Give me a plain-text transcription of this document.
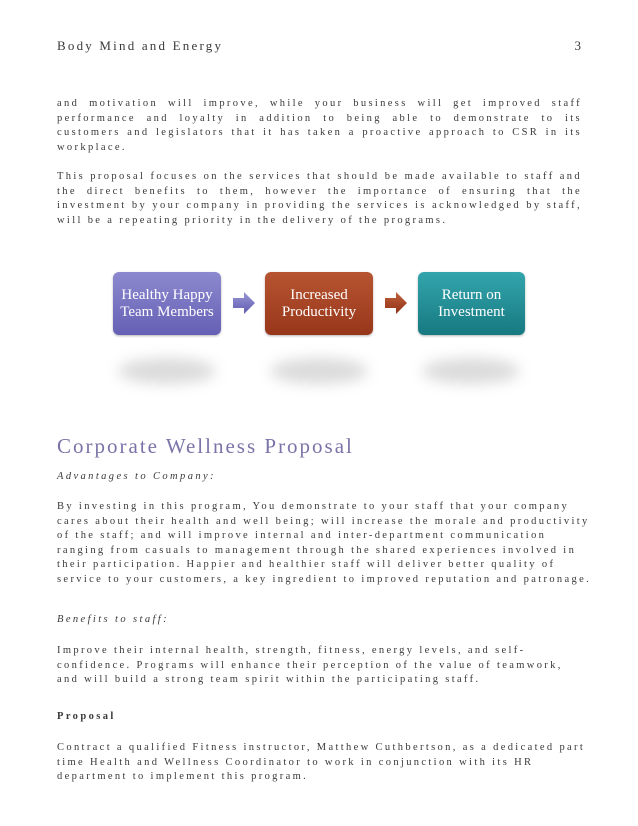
Body Mind and Energy	3

and motivation will improve, while your business will get improved staff performance and loyalty in addition to being able to demonstrate to its customers and legislators that it has taken a proactive approach to CSR in its workplace.

This proposal focuses on the services that should be made available to staff and the direct benefits to them, however the importance of ensuring that the investment by your company in providing the services is acknowledged by staff, will be a repeating priority in the delivery of the programs.

Healthy Happy Team Members
Increased Productivity
Return on Investment
Corporate Wellness Proposal

Advantages to Company:

By investing in this program, You demonstrate to your staff that your company cares about their health and well being; will increase the morale and productivity of the staff; and will improve internal and inter-department communication ranging from casuals to management through the shared experiences involved in their participation. Happier and healthier staff will deliver better quality of service to your customers, a key ingredient to improved reputation and patronage.

Benefits to staff:

Improve their internal health, strength, fitness, energy levels, and self-confidence. Programs will enhance their perception of the value of teamwork, and will build a strong team spirit within the participating staff.

Proposal

Contract a qualified Fitness instructor, Matthew Cuthbertson, as a dedicated part time Health and Wellness Coordinator to work in conjunction with its HR department to implement this program.
